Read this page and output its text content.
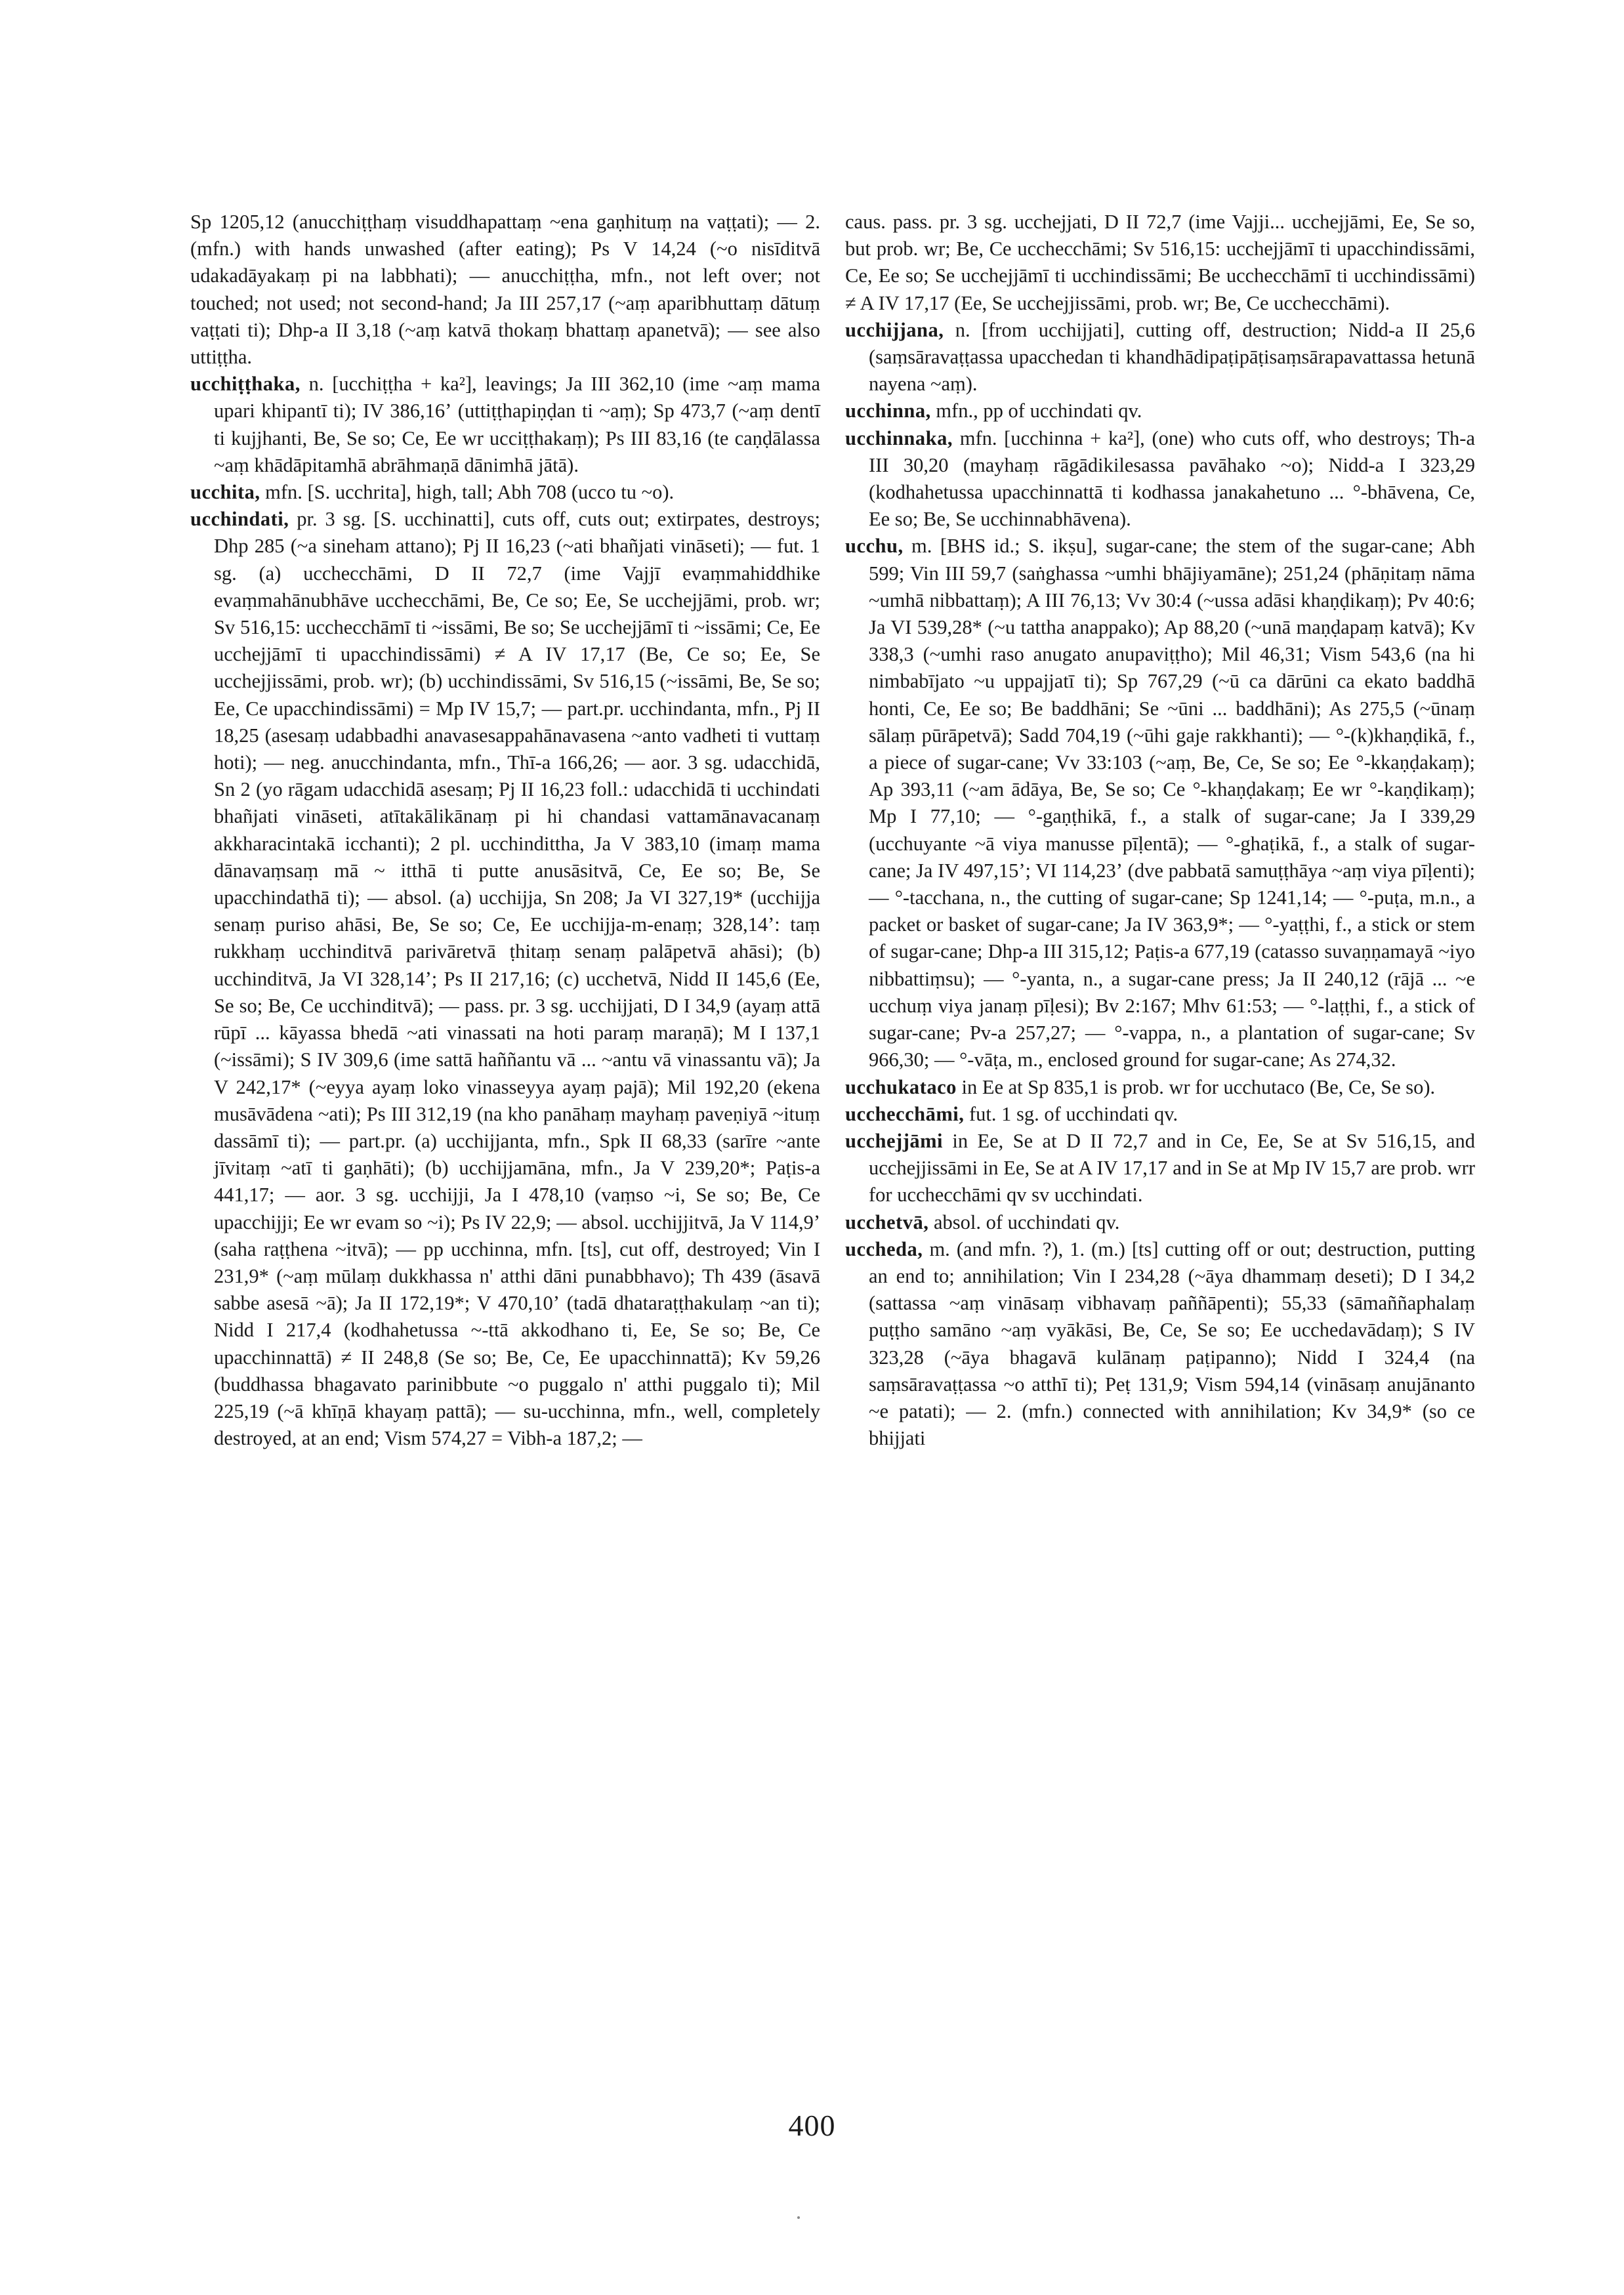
Sp 1205,12 (anucchiṭṭhaṃ visuddhapattaṃ ~ena gaṇhituṃ na vaṭṭati); — 2. (mfn.) with hands unwashed (after eating); Ps V 14,24 (~o nisīditvā udakadāyakaṃ pi na labbhati); — anucchiṭṭha, mfn., not left over; not touched; not used; not second-hand; Ja III 257,17 (~aṃ aparibhuttaṃ dātuṃ vaṭṭati ti); Dhp-a II 3,18 (~aṃ katvā thokaṃ bhattaṃ apanetvā); — see also uttiṭṭha.

ucchiṭṭhaka, n. [ucchiṭṭha + ka²], leavings; Ja III 362,10 (ime ~aṃ mama upari khipantī ti); IV 386,16ʼ (uttiṭṭhapiṇḍan ti ~aṃ); Sp 473,7 (~aṃ dentī ti kujjhanti, Be, Se so; Ce, Ee wr ucciṭṭhakaṃ); Ps III 83,16 (te caṇḍālassa ~aṃ khādāpitamhā abrāhmaṇā dānimhā jātā).

ucchita, mfn. [S. ucchrita], high, tall; Abh 708 (ucco tu ~o).

ucchindati, pr. 3 sg. [S. ucchinatti], cuts off, cuts out; extirpates, destroys; Dhp 285 (~a sineham attano); Pj II 16,23 (~ati bhañjati vināseti); — fut. 1 sg. (a) ucchecchāmi, D II 72,7 (ime Vajjī evaṃmahiddhike evaṃmahānubhāve ucchecchāmi, Be, Ce so; Ee, Se ucchejjāmi, prob. wr; Sv 516,15: ucchecchāmī ti ~issāmi, Be so; Se ucchejjāmī ti ~issāmi; Ce, Ee ucchejjāmī ti upacchindissāmi) ≠ A IV 17,17 (Be, Ce so; Ee, Se ucchejjissāmi, prob. wr); (b) ucchindissāmi, Sv 516,15 (~issāmi, Be, Se so; Ee, Ce upacchindissāmi) = Mp IV 15,7; — part.pr. ucchindanta, mfn., Pj II 18,25 (asesaṃ udabbadhi anavasesappahānavasena ~anto vadheti ti vuttaṃ hoti); — neg. anucchindanta, mfn., Thī-a 166,26; — aor. 3 sg. udacchidā, Sn 2 (yo rāgam udacchidā asesaṃ; Pj II 16,23 foll.: udacchidā ti ucchindati bhañjati vināseti, atītakālikānaṃ pi hi chandasi vattamānavacanaṃ akkharacintakā icchanti); 2 pl. ucchindittha, Ja V 383,10 (imaṃ mama dānavaṃsaṃ mā ~ itthā ti putte anusāsitvā, Ce, Ee so; Be, Se upacchindathā ti); — absol. (a) ucchijja, Sn 208; Ja VI 327,19* (ucchijja senaṃ puriso ahāsi, Be, Se so; Ce, Ee ucchijja-m-enaṃ; 328,14ʼ: taṃ rukkhaṃ ucchinditvā parivāretvā ṭhitaṃ senaṃ palāpetvā ahāsi); (b) ucchinditvā, Ja VI 328,14ʼ; Ps II 217,16; (c) ucchetvā, Nidd II 145,6 (Ee, Se so; Be, Ce ucchinditvā); — pass. pr. 3 sg. ucchijjati, D I 34,9 (ayaṃ attā rūpī ... kāyassa bhedā ~ati vinassati na hoti paraṃ maraṇā); M I 137,1 (~issāmi); S IV 309,6 (ime sattā haññantu vā ... ~antu vā vinassantu vā); Ja V 242,17* (~eyya ayaṃ loko vinasseyya ayaṃ pajā); Mil 192,20 (ekena musāvādena ~ati); Ps III 312,19 (na kho panāhaṃ mayhaṃ paveṇiyā ~ituṃ dassāmī ti); — part.pr. (a) ucchijjanta, mfn., Spk II 68,33 (sarīre ~ante jīvitaṃ ~atī ti gaṇhāti); (b) ucchijjamāna, mfn., Ja V 239,20*; Paṭis-a 441,17; — aor. 3 sg. ucchijji, Ja I 478,10 (vaṃso ~i, Se so; Be, Ce upacchijji; Ee wr evam so ~i); Ps IV 22,9; — absol. ucchijjitvā, Ja V 114,9ʼ (saha raṭṭhena ~itvā); — pp ucchinna, mfn. [ts], cut off, destroyed; Vin I 231,9* (~aṃ mūlaṃ dukkhassa n' atthi dāni punabbhavo); Th 439 (āsavā sabbe asesā ~ā); Ja II 172,19*; V 470,10ʼ (tadā dhataraṭṭhakulaṃ ~an ti); Nidd I 217,4 (kodhahetussa ~-ttā akkodhano ti, Ee, Se so; Be, Ce upacchinnattā) ≠ II 248,8 (Se so; Be, Ce, Ee upacchinnattā); Kv 59,26 (buddhassa bhagavato parinibbute ~o puggalo n' atthi puggalo ti); Mil 225,19 (~ā khīṇā khayaṃ pattā); — su-ucchinna, mfn., well, completely destroyed, at an end; Vism 574,27 = Vibh-a 187,2; —

caus. pass. pr. 3 sg. ucchejjati, D II 72,7 (ime Vajji... ucchejjāmi, Ee, Se so, but prob. wr; Be, Ce ucchecchāmi; Sv 516,15: ucchejjāmī ti upacchindissāmi, Ce, Ee so; Se ucchejjāmī ti ucchindissāmi; Be ucchecchāmī ti ucchindissāmi) ≠ A IV 17,17 (Ee, Se ucchejjissāmi, prob. wr; Be, Ce ucchecchāmi).

ucchijjana, n. [from ucchijjati], cutting off, destruction; Nidd-a II 25,6 (saṃsāravaṭṭassa upacchedan ti khandhādipaṭipāṭisaṃsārapavattassa hetunā nayena ~aṃ).

ucchinna, mfn., pp of ucchindati qv.

ucchinnaka, mfn. [ucchinna + ka²], (one) who cuts off, who destroys; Th-a III 30,20 (mayhaṃ rāgādikilesassa pavāhako ~o); Nidd-a I 323,29 (kodhahetussa upacchinnattā ti kodhassa janakahetuno ... °-bhāvena, Ce, Ee so; Be, Se ucchinnabhāvena).

ucchu, m. [BHS id.; S. ikṣu], sugar-cane; the stem of the sugar-cane; Abh 599; Vin III 59,7 (saṅghassa ~umhi bhājiyamāne); 251,24 (phāṇitaṃ nāma ~umhā nibbattaṃ); A III 76,13; Vv 30:4 (~ussa adāsi khaṇḍikaṃ); Pv 40:6; Ja VI 539,28* (~u tattha anappako); Ap 88,20 (~unā maṇḍapaṃ katvā); Kv 338,3 (~umhi raso anugato anupaviṭṭho); Mil 46,31; Vism 543,6 (na hi nimbabījato ~u uppajjatī ti); Sp 767,29 (~ū ca dārūni ca ekato baddhā honti, Ce, Ee so; Be baddhāni; Se ~ūni ... baddhāni); As 275,5 (~ūnaṃ sālaṃ pūrāpetvā); Sadd 704,19 (~ūhi gaje rakkhanti); — °-(k)khaṇḍikā, f., a piece of sugar-cane; Vv 33:103 (~aṃ, Be, Ce, Se so; Ee °-kkaṇḍakaṃ); Ap 393,11 (~am ādāya, Be, Se so; Ce °-khaṇḍakaṃ; Ee wr °-kaṇḍikaṃ); Mp I 77,10; — °-gaṇṭhikā, f., a stalk of sugar-cane; Ja I 339,29 (ucchuyante ~ā viya manusse pīḷentā); — °-ghaṭikā, f., a stalk of sugar-cane; Ja IV 497,15ʼ; VI 114,23ʼ (dve pabbatā samuṭṭhāya ~aṃ viya pīḷenti); — °-tacchana, n., the cutting of sugar-cane; Sp 1241,14; — °-puṭa, m.n., a packet or basket of sugar-cane; Ja IV 363,9*; — °-yaṭṭhi, f., a stick or stem of sugar-cane; Dhp-a III 315,12; Paṭis-a 677,19 (catasso suvaṇṇamayā ~iyo nibbattiṃsu); — °-yanta, n., a sugar-cane press; Ja II 240,12 (rājā ... ~e ucchuṃ viya janaṃ pīḷesi); Bv 2:167; Mhv 61:53; — °-laṭṭhi, f., a stick of sugar-cane; Pv-a 257,27; — °-vappa, n., a plantation of sugar-cane; Sv 966,30; — °-vāṭa, m., enclosed ground for sugar-cane; As 274,32.

ucchukataco in Ee at Sp 835,1 is prob. wr for ucchutaco (Be, Ce, Se so).

ucchecchāmi, fut. 1 sg. of ucchindati qv.

ucchejjāmi in Ee, Se at D II 72,7 and in Ce, Ee, Se at Sv 516,15, and ucchejjissāmi in Ee, Se at A IV 17,17 and in Se at Mp IV 15,7 are prob. wrr for ucchecchāmi qv sv ucchindati.

ucchetvā, absol. of ucchindati qv.

uccheda, m. (and mfn. ?), 1. (m.) [ts] cutting off or out; destruction, putting an end to; annihilation; Vin I 234,28 (~āya dhammaṃ deseti); D I 34,2 (sattassa ~aṃ vināsaṃ vibhavaṃ paññāpenti); 55,33 (sāmaññaphalaṃ puṭṭho samāno ~aṃ vyākāsi, Be, Ce, Se so; Ee ucchedavādaṃ); S IV 323,28 (~āya bhagavā kulānaṃ paṭipanno); Nidd I 324,4 (na saṃsāravaṭṭassa ~o atthī ti); Peṭ 131,9; Vism 594,14 (vināsaṃ anujānanto ~e patati); — 2. (mfn.) connected with annihilation; Kv 34,9* (so ce bhijjati

400
